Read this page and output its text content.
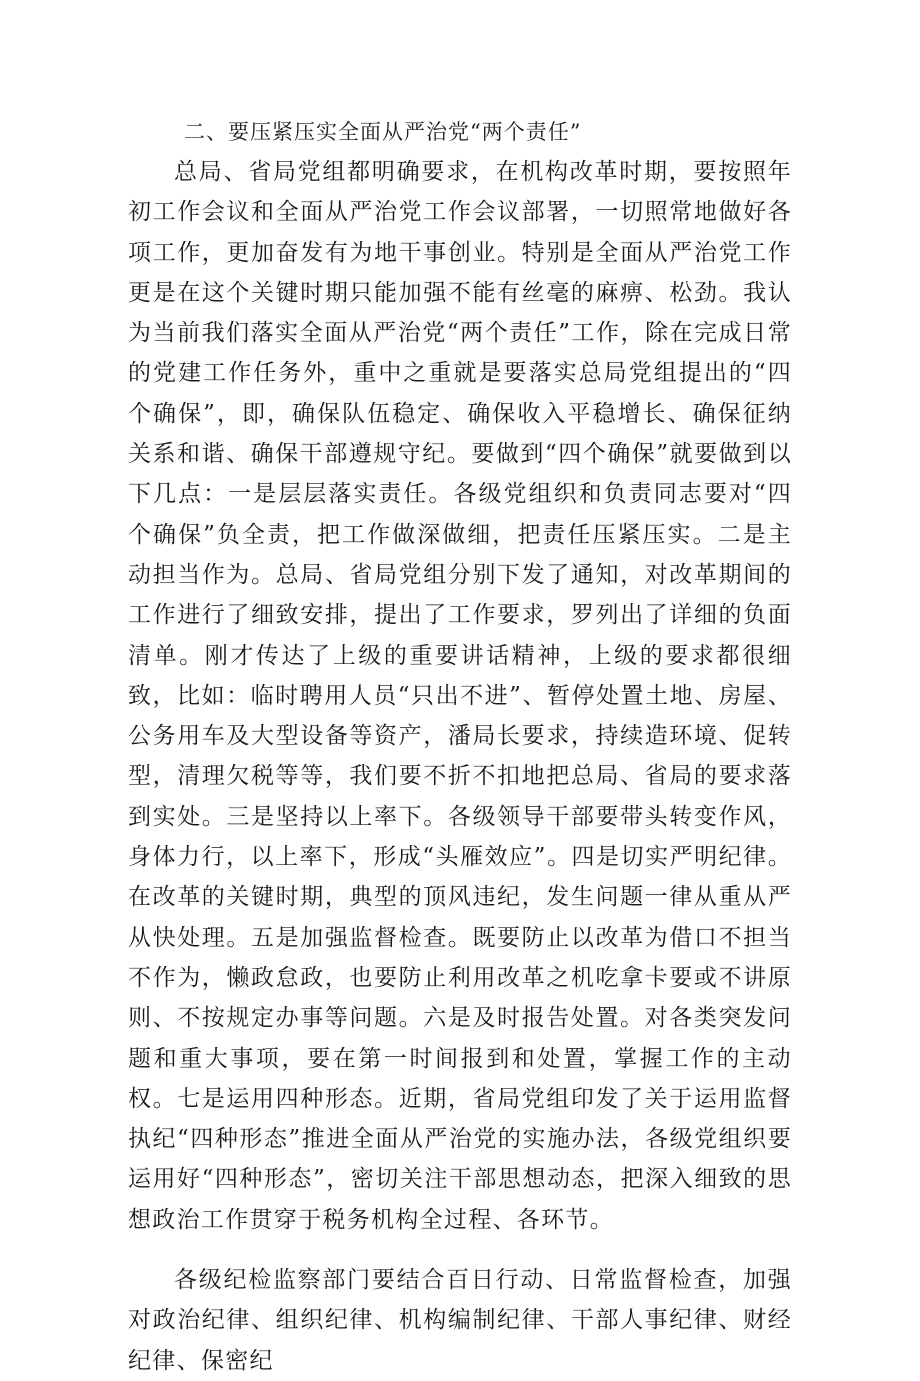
二、要压紧压实全面从严治党“两个责任”

总局、省局党组都明确要求，在机构改革时期，要按照年初工作会议和全面从严治党工作会议部署，一切照常地做好各项工作，更加奋发有为地干事创业。特别是全面从严治党工作更是在这个关键时期只能加强不能有丝毫的麻痹、松劲。我认为当前我们落实全面从严治党“两个责任”工作，除在完成日常的党建工作任务外，重中之重就是要落实总局党组提出的“四个确保”，即，确保队伍稳定、确保收入平稳增长、确保征纳关系和谐、确保干部遵规守纪。要做到“四个确保”就要做到以下几点：一是层层落实责任。各级党组织和负责同志要对“四个确保”负全责，把工作做深做细，把责任压紧压实。二是主动担当作为。总局、省局党组分别下发了通知，对改革期间的工作进行了细致安排，提出了工作要求，罗列出了详细的负面清单。刚才传达了上级的重要讲话精神，上级的要求都很细致，比如：临时聘用人员“只出不进”、暂停处置土地、房屋、公务用车及大型设备等资产，潘局长要求，持续造环境、促转型，清理欠税等等，我们要不折不扣地把总局、省局的要求落到实处。三是坚持以上率下。各级领导干部要带头转变作风，身体力行，以上率下，形成“头雁效应”。四是切实严明纪律。在改革的关键时期，典型的顶风违纪，发生问题一律从重从严从快处理。五是加强监督检查。既要防止以改革为借口不担当不作为，懒政怠政，也要防止利用改革之机吃拿卡要或不讲原则、不按规定办事等问题。六是及时报告处置。对各类突发问题和重大事项，要在第一时间报到和处置，掌握工作的主动权。七是运用四种形态。近期，省局党组印发了关于运用监督执纪“四种形态”推进全面从严治党的实施办法，各级党组织要运用好“四种形态”，密切关注干部思想动态，把深入细致的思想政治工作贯穿于税务机构全过程、各环节。

各级纪检监察部门要结合百日行动、日常监督检查，加强对政治纪律、组织纪律、机构编制纪律、干部人事纪律、财经纪律、保密纪
